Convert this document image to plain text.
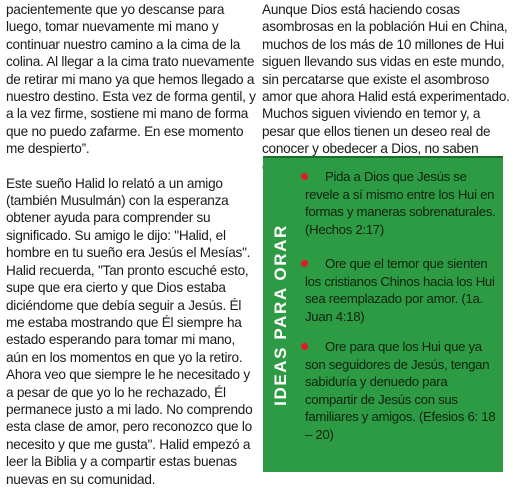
pacientemente que yo descanse para luego, tomar nuevamente mi mano y continuar nuestro camino a la cima de la colina. Al llegar a la cima trato nuevamente de retirar mi mano ya que hemos llegado a nuestro destino. Esta vez de forma gentil, y a la vez firme, sostiene mi mano de forma que no puedo zafarme. En ese momento me despierto”.

Este sueño Halid lo relató a un amigo (también Musulmán) con la esperanza obtener ayuda para comprender su significado. Su amigo le dijo: "Halid, el hombre en tu sueño era Jesús el Mesías". Halid recuerda, "Tan pronto escuché esto, supe que era cierto y que Dios estaba diciéndome que debía seguir a Jesús. Él me estaba mostrando que Él siempre ha estado esperando para tomar mi mano, aún en los momentos en que yo la retiro. Ahora veo que siempre le he necesitado y a pesar de que yo lo he rechazado, Él permanece justo a mi lado. No comprendo esta clase de amor, pero reconozco que lo necesito y que me gusta". Halid empezó a leer la Biblia y a compartir estas buenas nuevas en su comunidad.

Aunque Dios está haciendo cosas asombrosas en la población Hui en China, muchos de los más de 10 millones de Hui siguen llevando sus vidas en este mundo, sin percatarse que existe el asombroso amor que ahora Halid está experimentado. Muchos siguen viviendo en temor y, a pesar que ellos tienen un deseo real de conocer y obedecer a Dios, no saben

IDEAS PARA ORAR
Pida a Dios que Jesús se revele a sí mismo entre los Hui en formas y maneras sobrenaturales. (Hechos 2:17)
Ore que el temor que sienten los cristianos Chinos hacia los Hui sea reemplazado por amor. (1a. Juan 4:18)
Ore para que los Hui que ya son seguidores de Jesús, tengan sabiduría y denuedo para compartir de Jesús con sus familiares y amigos. (Efesios 6: 18 – 20)
